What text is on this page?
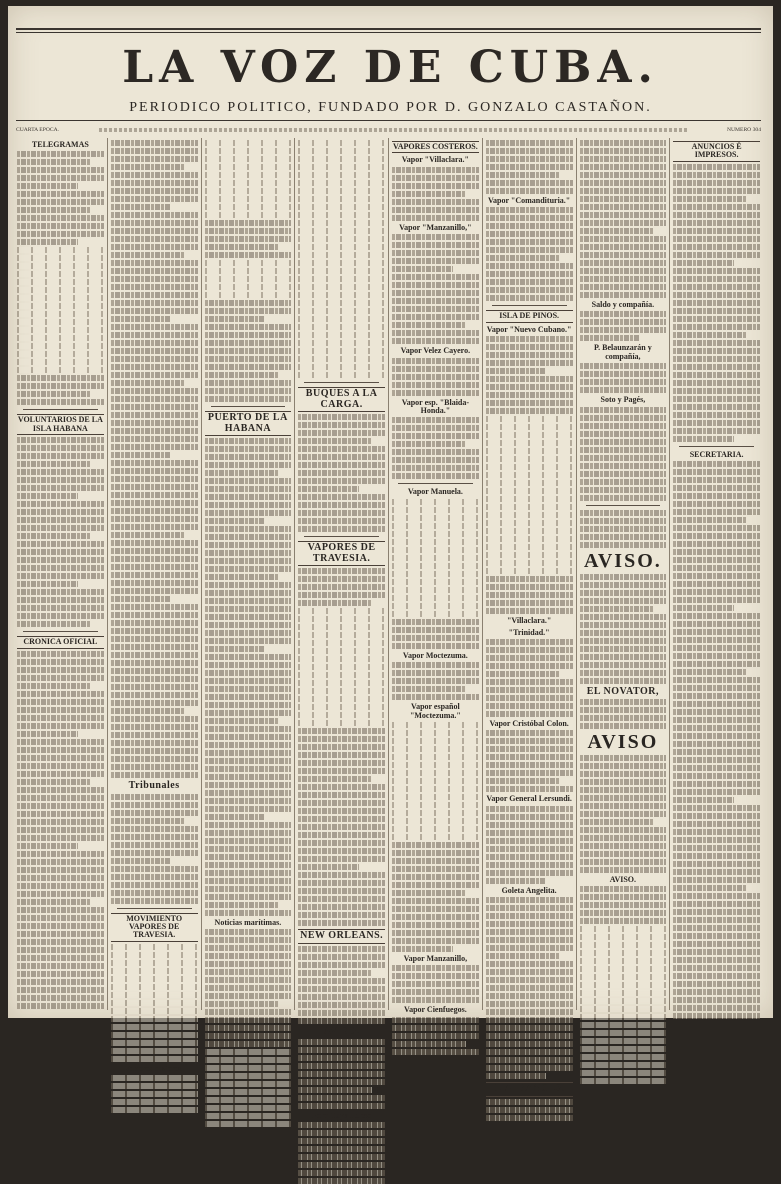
LA VOZ DE CUBA.
PERIODICO POLITICO, FUNDADO POR D. GONZALO CASTAÑON.
CUARTA EPOCA.	NUMERO 304
TELEGRAMAS
VOLUNTARIOS DE LA ISLA HABANA
CRONICA OFICIAL
Tribunales
MOVIMIENTO VAPORES DE TRAVESIA.
Vapores costeros.
PUERTO DE LA HABANA
Noticias marítimas.
BUQUES A LA CARGA.
VAPORES DE TRAVESIA.
NEW ORLEANS.
AVISO.
Para Cayo Hueso
VAPORES COSTEROS.
Vapor "Villaclara."
Vapor "Manzanillo,"
Vapor Velez Cayero.
Vapor esp. "Blaida-Honda."
Vapor Manuela.
Vapor Moctezuma.
Vapor español "Moctezuma."
Vapor Manzanillo,
Vapor Cienfuegos.
Vapor "Comandituria."
ISLA DE PINOS.
Vapor "Nuevo Cubano."
"Villaclara."
"Trinidad."
Vapor Cristóbal Colon.
Vapor General Lersundi.
Goleta Angelita.
J. A. BANCES.
Saldo y compañía.
P. Belaunzarán y compañía,
Soto y Pagés,
AVISO.
EL NOVATOR,
AVISO
AVISO.
ANUNCIOS É IMPRESOS.
SECRETARIA.
